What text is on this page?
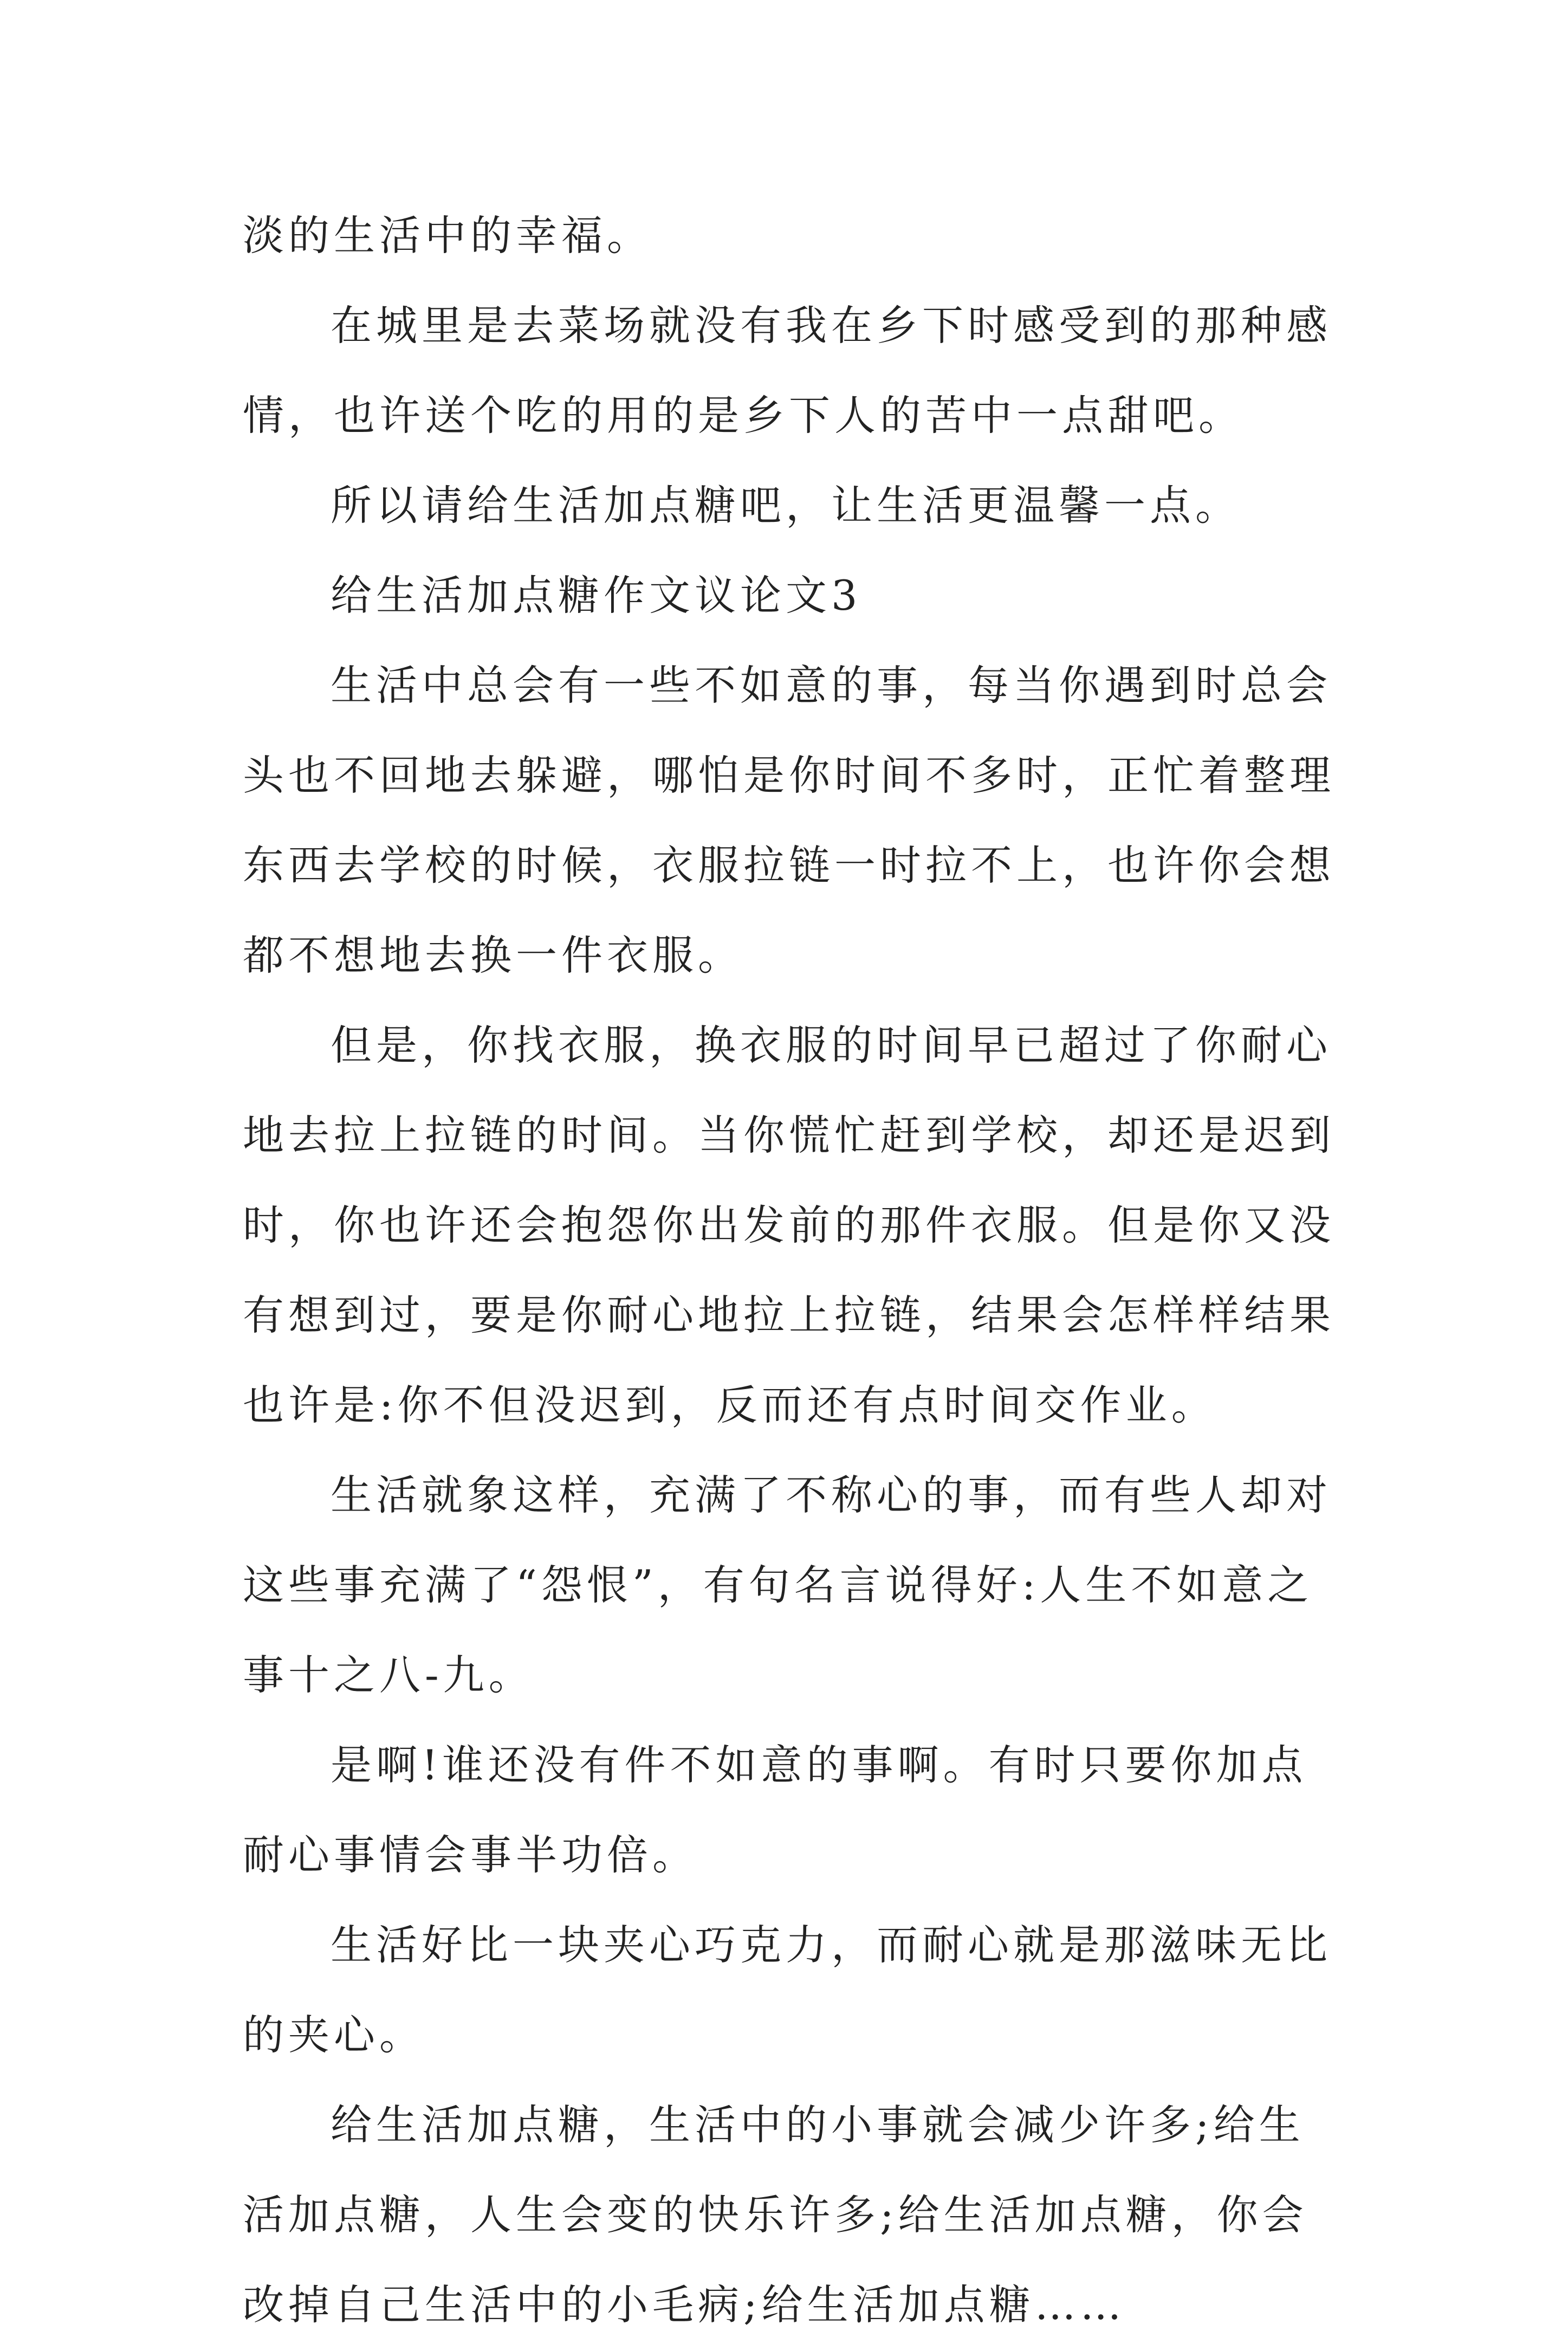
淡的生活中的幸福。

在城里是去菜场就没有我在乡下时感受到的那种感情，也许送个吃的用的是乡下人的苦中一点甜吧。

所以请给生活加点糖吧，让生活更温馨一点。

给生活加点糖作文议论文3

生活中总会有一些不如意的事，每当你遇到时总会头也不回地去躲避，哪怕是你时间不多时，正忙着整理东西去学校的时候，衣服拉链一时拉不上，也许你会想都不想地去换一件衣服。

但是，你找衣服，换衣服的时间早已超过了你耐心地去拉上拉链的时间。当你慌忙赶到学校，却还是迟到时，你也许还会抱怨你出发前的那件衣服。但是你又没有想到过，要是你耐心地拉上拉链，结果会怎样样结果也许是:你不但没迟到，反而还有点时间交作业。

生活就象这样，充满了不称心的事，而有些人却对这些事充满了“怨恨”，有句名言说得好:人生不如意之事十之八-九。

是啊!谁还没有件不如意的事啊。有时只要你加点耐心事情会事半功倍。

生活好比一块夹心巧克力，而耐心就是那滋味无比的夹心。

给生活加点糖，生活中的小事就会减少许多;给生活加点糖，人生会变的快乐许多;给生活加点糖，你会改掉自己生活中的小毛病;给生活加点糖……
